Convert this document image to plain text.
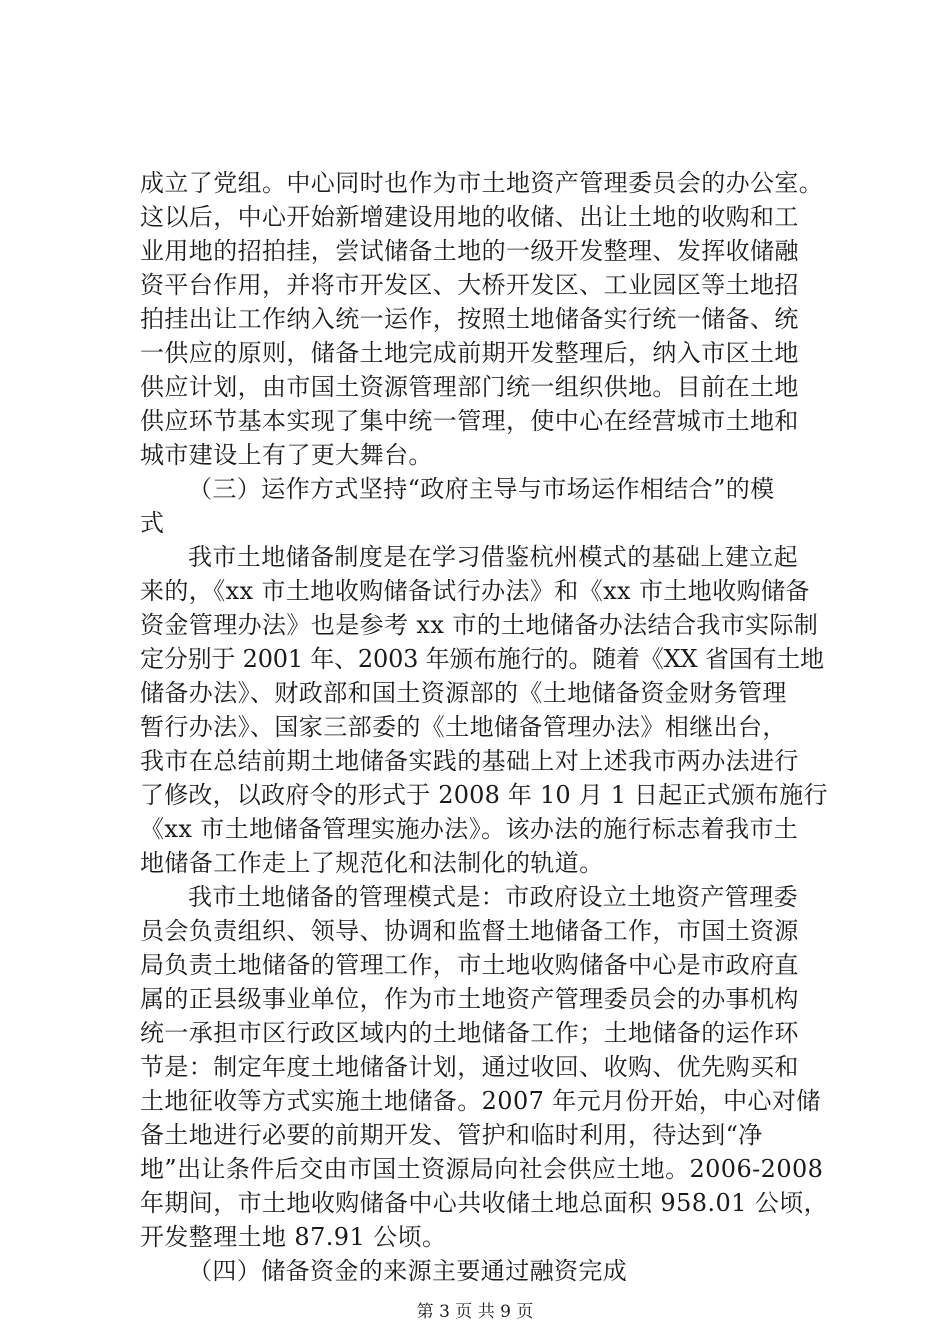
成立了党组。中心同时也作为市土地资产管理委员会的办公室。
这以后，中心开始新增建设用地的收储、出让土地的收购和工
业用地的招拍挂，尝试储备土地的一级开发整理、发挥收储融
资平台作用，并将市开发区、大桥开发区、工业园区等土地招
拍挂出让工作纳入统一运作，按照土地储备实行统一储备、统
一供应的原则，储备土地完成前期开发整理后，纳入市区土地
供应计划，由市国土资源管理部门统一组织供地。目前在土地
供应环节基本实现了集中统一管理，使中心在经营城市土地和
城市建设上有了更大舞台。
（三）运作方式坚持“政府主导与市场运作相结合”的模
式
我市土地储备制度是在学习借鉴杭州模式的基础上建立起
来的，《xx 市土地收购储备试行办法》和《xx 市土地收购储备
资金管理办法》也是参考 xx 市的土地储备办法结合我市实际制
定分别于 2001 年、2003 年颁布施行的。随着《XX 省国有土地
储备办法》、财政部和国土资源部的《土地储备资金财务管理
暂行办法》、国家三部委的《土地储备管理办法》相继出台，
我市在总结前期土地储备实践的基础上对上述我市两办法进行
了修改，以政府令的形式于 2008 年 10 月 1 日起正式颁布施行
《xx 市土地储备管理实施办法》。该办法的施行标志着我市土
地储备工作走上了规范化和法制化的轨道。
我市土地储备的管理模式是：市政府设立土地资产管理委
员会负责组织、领导、协调和监督土地储备工作，市国土资源
局负责土地储备的管理工作，市土地收购储备中心是市政府直
属的正县级事业单位，作为市土地资产管理委员会的办事机构
统一承担市区行政区域内的土地储备工作；土地储备的运作环
节是：制定年度土地储备计划，通过收回、收购、优先购买和
土地征收等方式实施土地储备。2007 年元月份开始，中心对储
备土地进行必要的前期开发、管护和临时利用，待达到“净
地”出让条件后交由市国土资源局向社会供应土地。2006-2008
年期间，市土地收购储备中心共收储土地总面积 958.01 公顷，
开发整理土地 87.91 公顷。
（四）储备资金的来源主要通过融资完成
第 3 页 共 9 页
